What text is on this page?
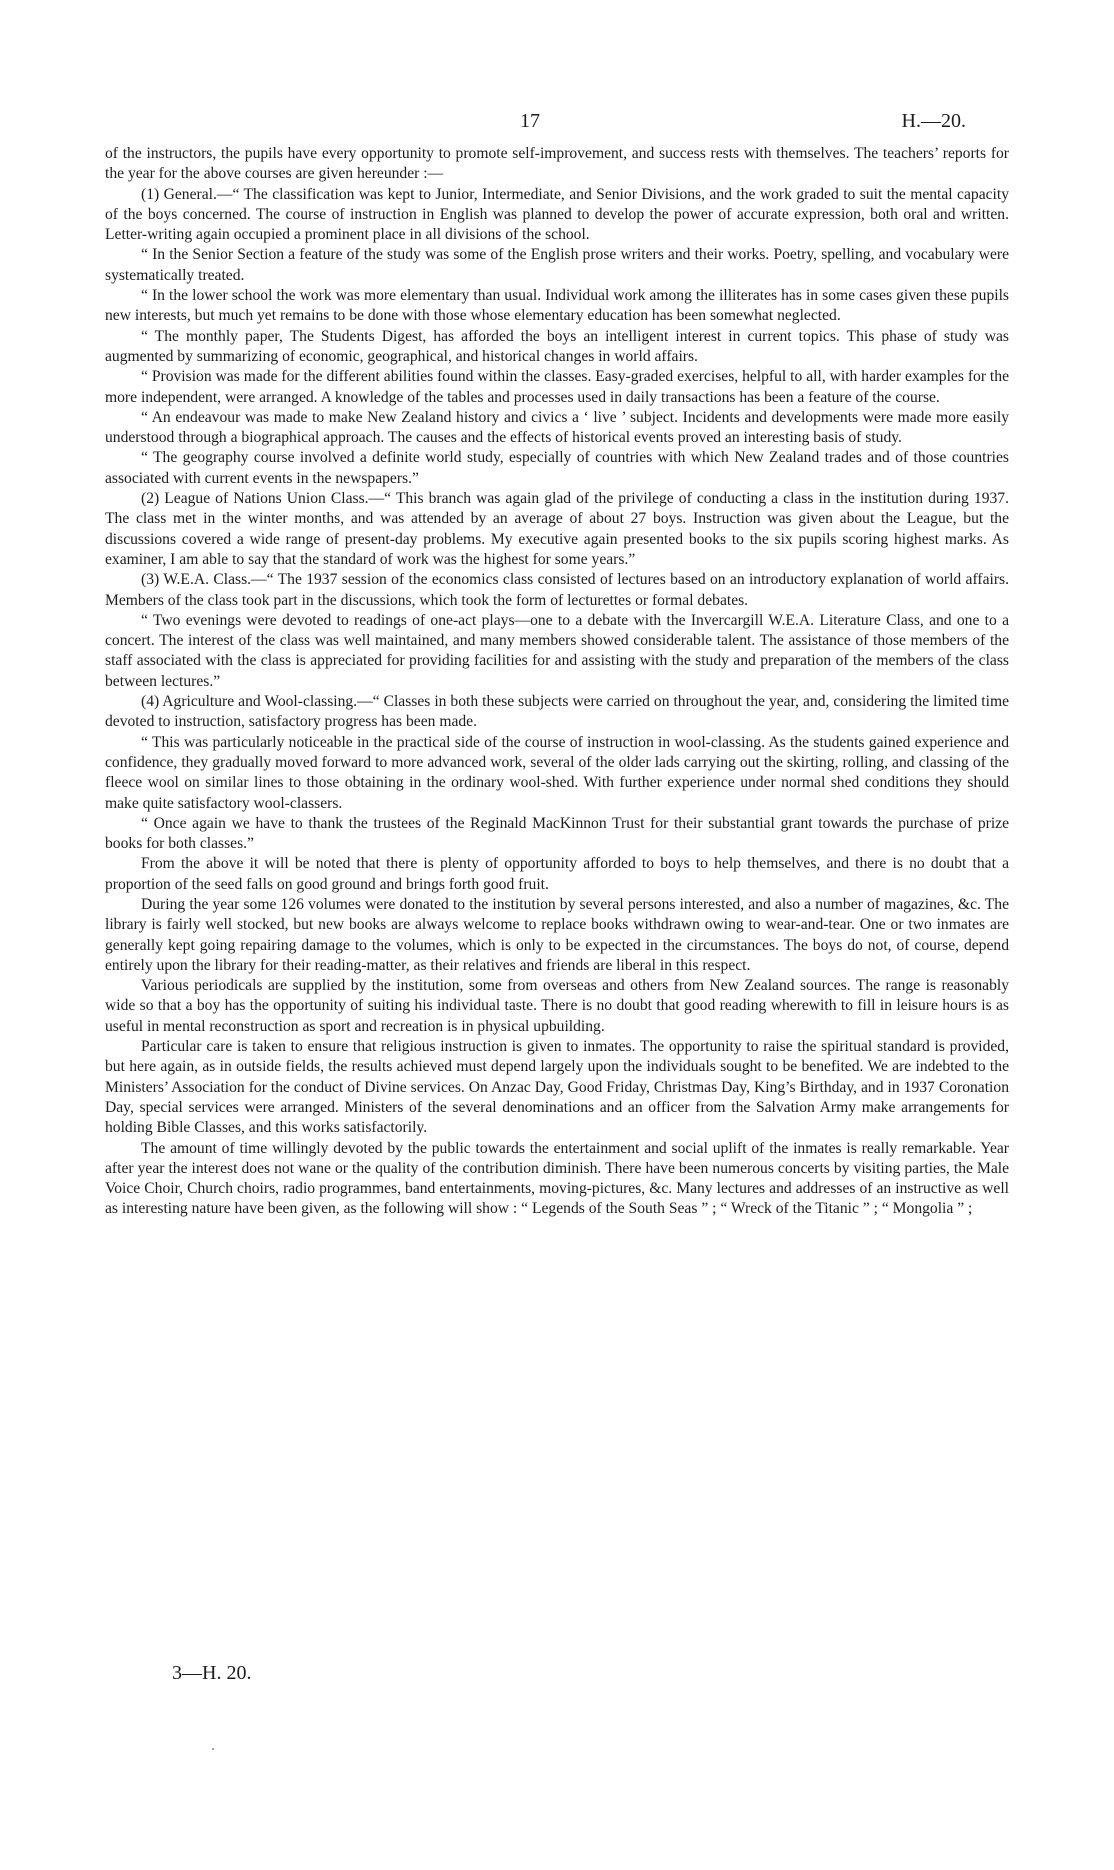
17	H.—20.

of the instructors, the pupils have every opportunity to promote self-improvement, and success rests with themselves. The teachers’ reports for the year for the above courses are given hereunder :—

(1) General.—“ The classification was kept to Junior, Intermediate, and Senior Divisions, and the work graded to suit the mental capacity of the boys concerned. The course of instruction in English was planned to develop the power of accurate expression, both oral and written. Letter-writing again occupied a prominent place in all divisions of the school.

“ In the Senior Section a feature of the study was some of the English prose writers and their works. Poetry, spelling, and vocabulary were systematically treated.

“ In the lower school the work was more elementary than usual. Individual work among the illiterates has in some cases given these pupils new interests, but much yet remains to be done with those whose elementary education has been somewhat neglected.

“ The monthly paper, The Students Digest, has afforded the boys an intelligent interest in current topics. This phase of study was augmented by summarizing of economic, geographical, and historical changes in world affairs.

“ Provision was made for the different abilities found within the classes. Easy-graded exercises, helpful to all, with harder examples for the more independent, were arranged. A knowledge of the tables and processes used in daily transactions has been a feature of the course.

“ An endeavour was made to make New Zealand history and civics a ‘ live ’ subject. Incidents and developments were made more easily understood through a biographical approach. The causes and the effects of historical events proved an interesting basis of study.

“ The geography course involved a definite world study, especially of countries with which New Zealand trades and of those countries associated with current events in the newspapers.”

(2) League of Nations Union Class.—“ This branch was again glad of the privilege of conducting a class in the institution during 1937. The class met in the winter months, and was attended by an average of about 27 boys. Instruction was given about the League, but the discussions covered a wide range of present-day problems. My executive again presented books to the six pupils scoring highest marks. As examiner, I am able to say that the standard of work was the highest for some years.”

(3) W.E.A. Class.—“ The 1937 session of the economics class consisted of lectures based on an introductory explanation of world affairs. Members of the class took part in the discussions, which took the form of lecturettes or formal debates.

“ Two evenings were devoted to readings of one-act plays—one to a debate with the Invercargill W.E.A. Literature Class, and one to a concert. The interest of the class was well maintained, and many members showed considerable talent. The assistance of those members of the staff associated with the class is appreciated for providing facilities for and assisting with the study and preparation of the members of the class between lectures.”

(4) Agriculture and Wool-classing.—“ Classes in both these subjects were carried on throughout the year, and, considering the limited time devoted to instruction, satisfactory progress has been made.

“ This was particularly noticeable in the practical side of the course of instruction in wool-classing. As the students gained experience and confidence, they gradually moved forward to more advanced work, several of the older lads carrying out the skirting, rolling, and classing of the fleece wool on similar lines to those obtaining in the ordinary wool-shed. With further experience under normal shed conditions they should make quite satisfactory wool-classers.

“ Once again we have to thank the trustees of the Reginald MacKinnon Trust for their substantial grant towards the purchase of prize books for both classes.”

From the above it will be noted that there is plenty of opportunity afforded to boys to help themselves, and there is no doubt that a proportion of the seed falls on good ground and brings forth good fruit.

During the year some 126 volumes were donated to the institution by several persons interested, and also a number of magazines, &c. The library is fairly well stocked, but new books are always welcome to replace books withdrawn owing to wear-and-tear. One or two inmates are generally kept going repairing damage to the volumes, which is only to be expected in the circumstances. The boys do not, of course, depend entirely upon the library for their reading-matter, as their relatives and friends are liberal in this respect.

Various periodicals are supplied by the institution, some from overseas and others from New Zealand sources. The range is reasonably wide so that a boy has the opportunity of suiting his individual taste. There is no doubt that good reading wherewith to fill in leisure hours is as useful in mental reconstruction as sport and recreation is in physical upbuilding.

Particular care is taken to ensure that religious instruction is given to inmates. The opportunity to raise the spiritual standard is provided, but here again, as in outside fields, the results achieved must depend largely upon the individuals sought to be benefited. We are indebted to the Ministers’ Association for the conduct of Divine services. On Anzac Day, Good Friday, Christmas Day, King’s Birthday, and in 1937 Coronation Day, special services were arranged. Ministers of the several denominations and an officer from the Salvation Army make arrangements for holding Bible Classes, and this works satisfactorily.

The amount of time willingly devoted by the public towards the entertainment and social uplift of the inmates is really remarkable. Year after year the interest does not wane or the quality of the contribution diminish. There have been numerous concerts by visiting parties, the Male Voice Choir, Church choirs, radio programmes, band entertainments, moving-pictures, &c. Many lectures and addresses of an instructive as well as interesting nature have been given, as the following will show : “ Legends of the South Seas ” ; “ Wreck of the Titanic ” ; “ Mongolia ” ;

3—H. 20.
